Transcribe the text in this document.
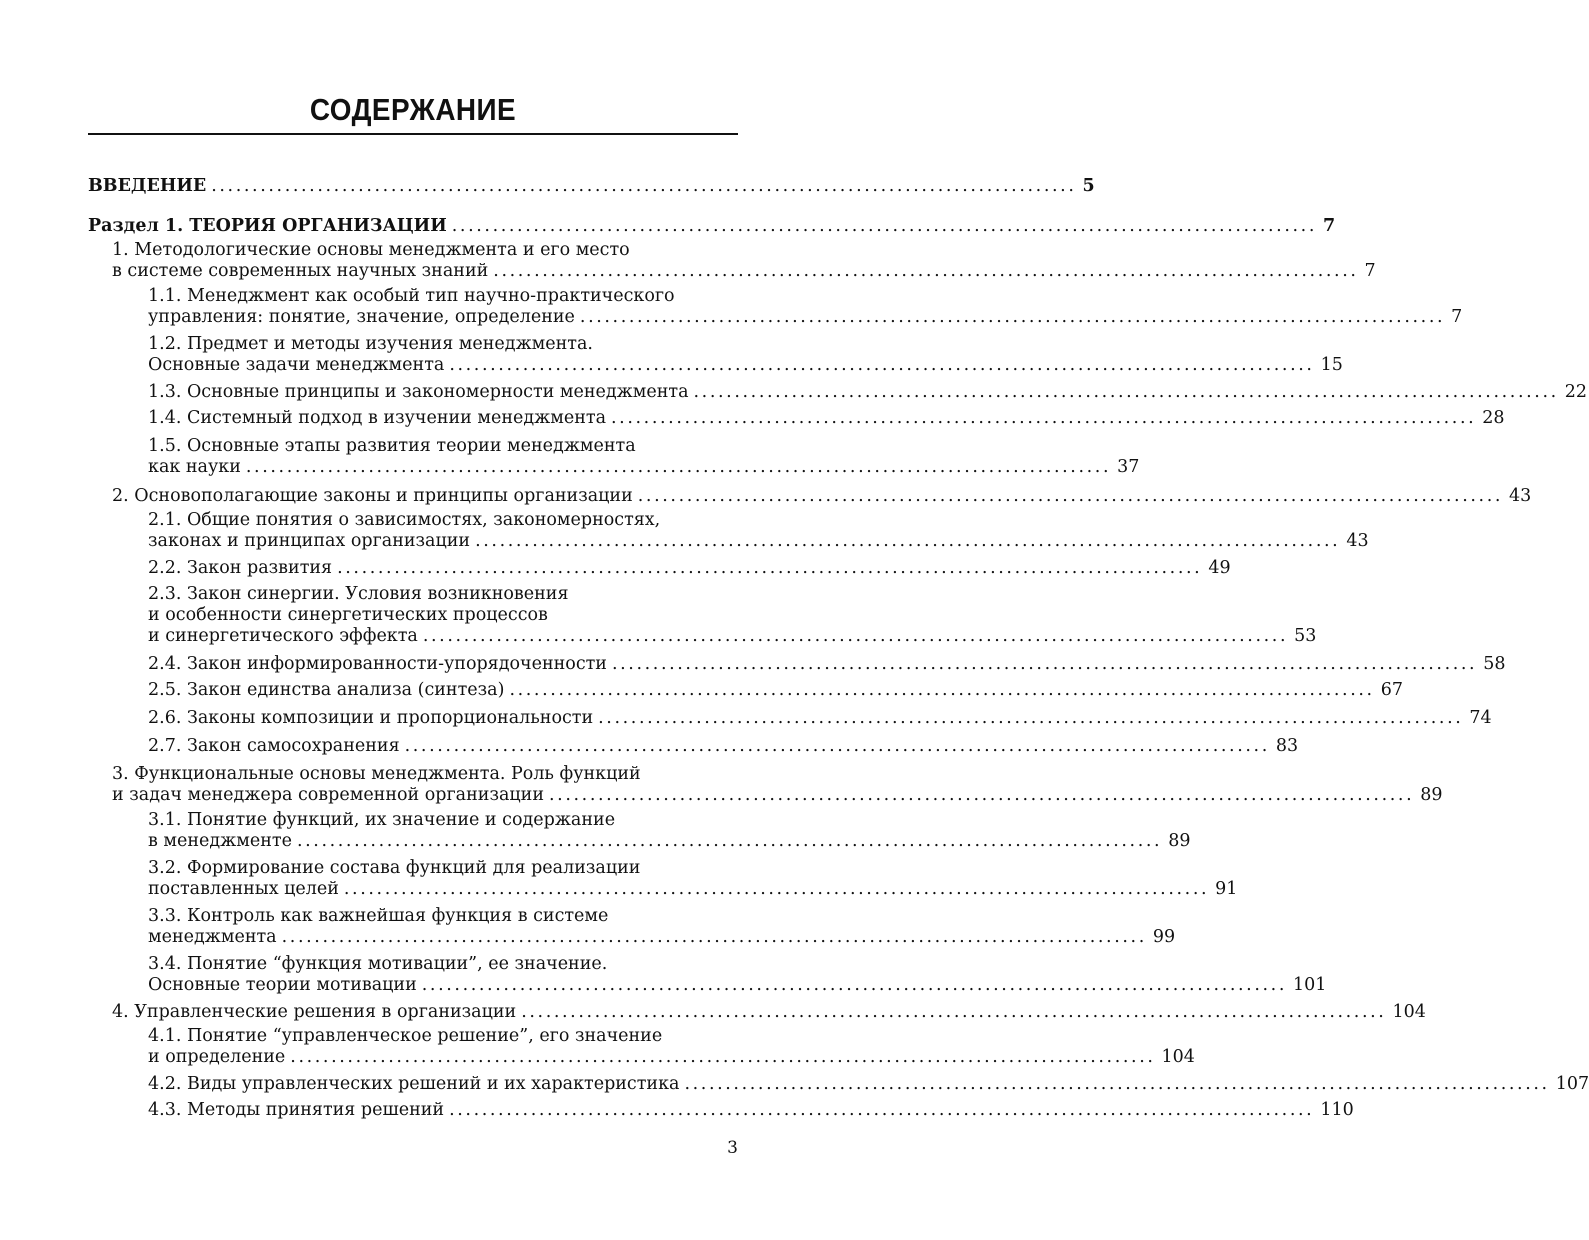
СОДЕРЖАНИЕ
ВВЕДЕНИЕ .......................................................................................................... 5
Раздел 1. ТЕОРИЯ ОРГАНИЗАЦИИ .......................................................................................................... 7
1. Методологические основы менеджмента и его место
в системе современных научных знаний .......................................................................................................... 7
1.1. Менеджмент как особый тип научно-практического
управления: понятие, значение, определение .......................................................................................................... 7
1.2. Предмет и методы изучения менеджмента.
Основные задачи менеджмента .......................................................................................................... 15
1.3. Основные принципы и закономерности менеджмента .......................................................................................................... 22
1.4. Системный подход в изучении менеджмента .......................................................................................................... 28
1.5. Основные этапы развития теории менеджмента
как науки .......................................................................................................... 37
2. Основополагающие законы и принципы организации .......................................................................................................... 43
2.1. Общие понятия о зависимостях, закономерностях,
законах и принципах организации .......................................................................................................... 43
2.2. Закон развития .......................................................................................................... 49
2.3. Закон синергии. Условия возникновения
и особенности синергетических процессов
и синергетического эффекта .......................................................................................................... 53
2.4. Закон информированности-упорядоченности .......................................................................................................... 58
2.5. Закон единства анализа (синтеза) .......................................................................................................... 67
2.6. Законы композиции и пропорциональности .......................................................................................................... 74
2.7. Закон самосохранения .......................................................................................................... 83
3. Функциональные основы менеджмента. Роль функций
и задач менеджера современной организации .......................................................................................................... 89
3.1. Понятие функций, их значение и содержание
в менеджменте .......................................................................................................... 89
3.2. Формирование состава функций для реализации
поставленных целей .......................................................................................................... 91
3.3. Контроль как важнейшая функция в системе
менеджмента .......................................................................................................... 99
3.4. Понятие “функция мотивации”, ее значение.
Основные теории мотивации .......................................................................................................... 101
4. Управленческие решения в организации .......................................................................................................... 104
4.1. Понятие “управленческое решение”, его значение
и определение .......................................................................................................... 104
4.2. Виды управленческих решений и их характеристика .......................................................................................................... 107
4.3. Методы принятия решений .......................................................................................................... 110
3
